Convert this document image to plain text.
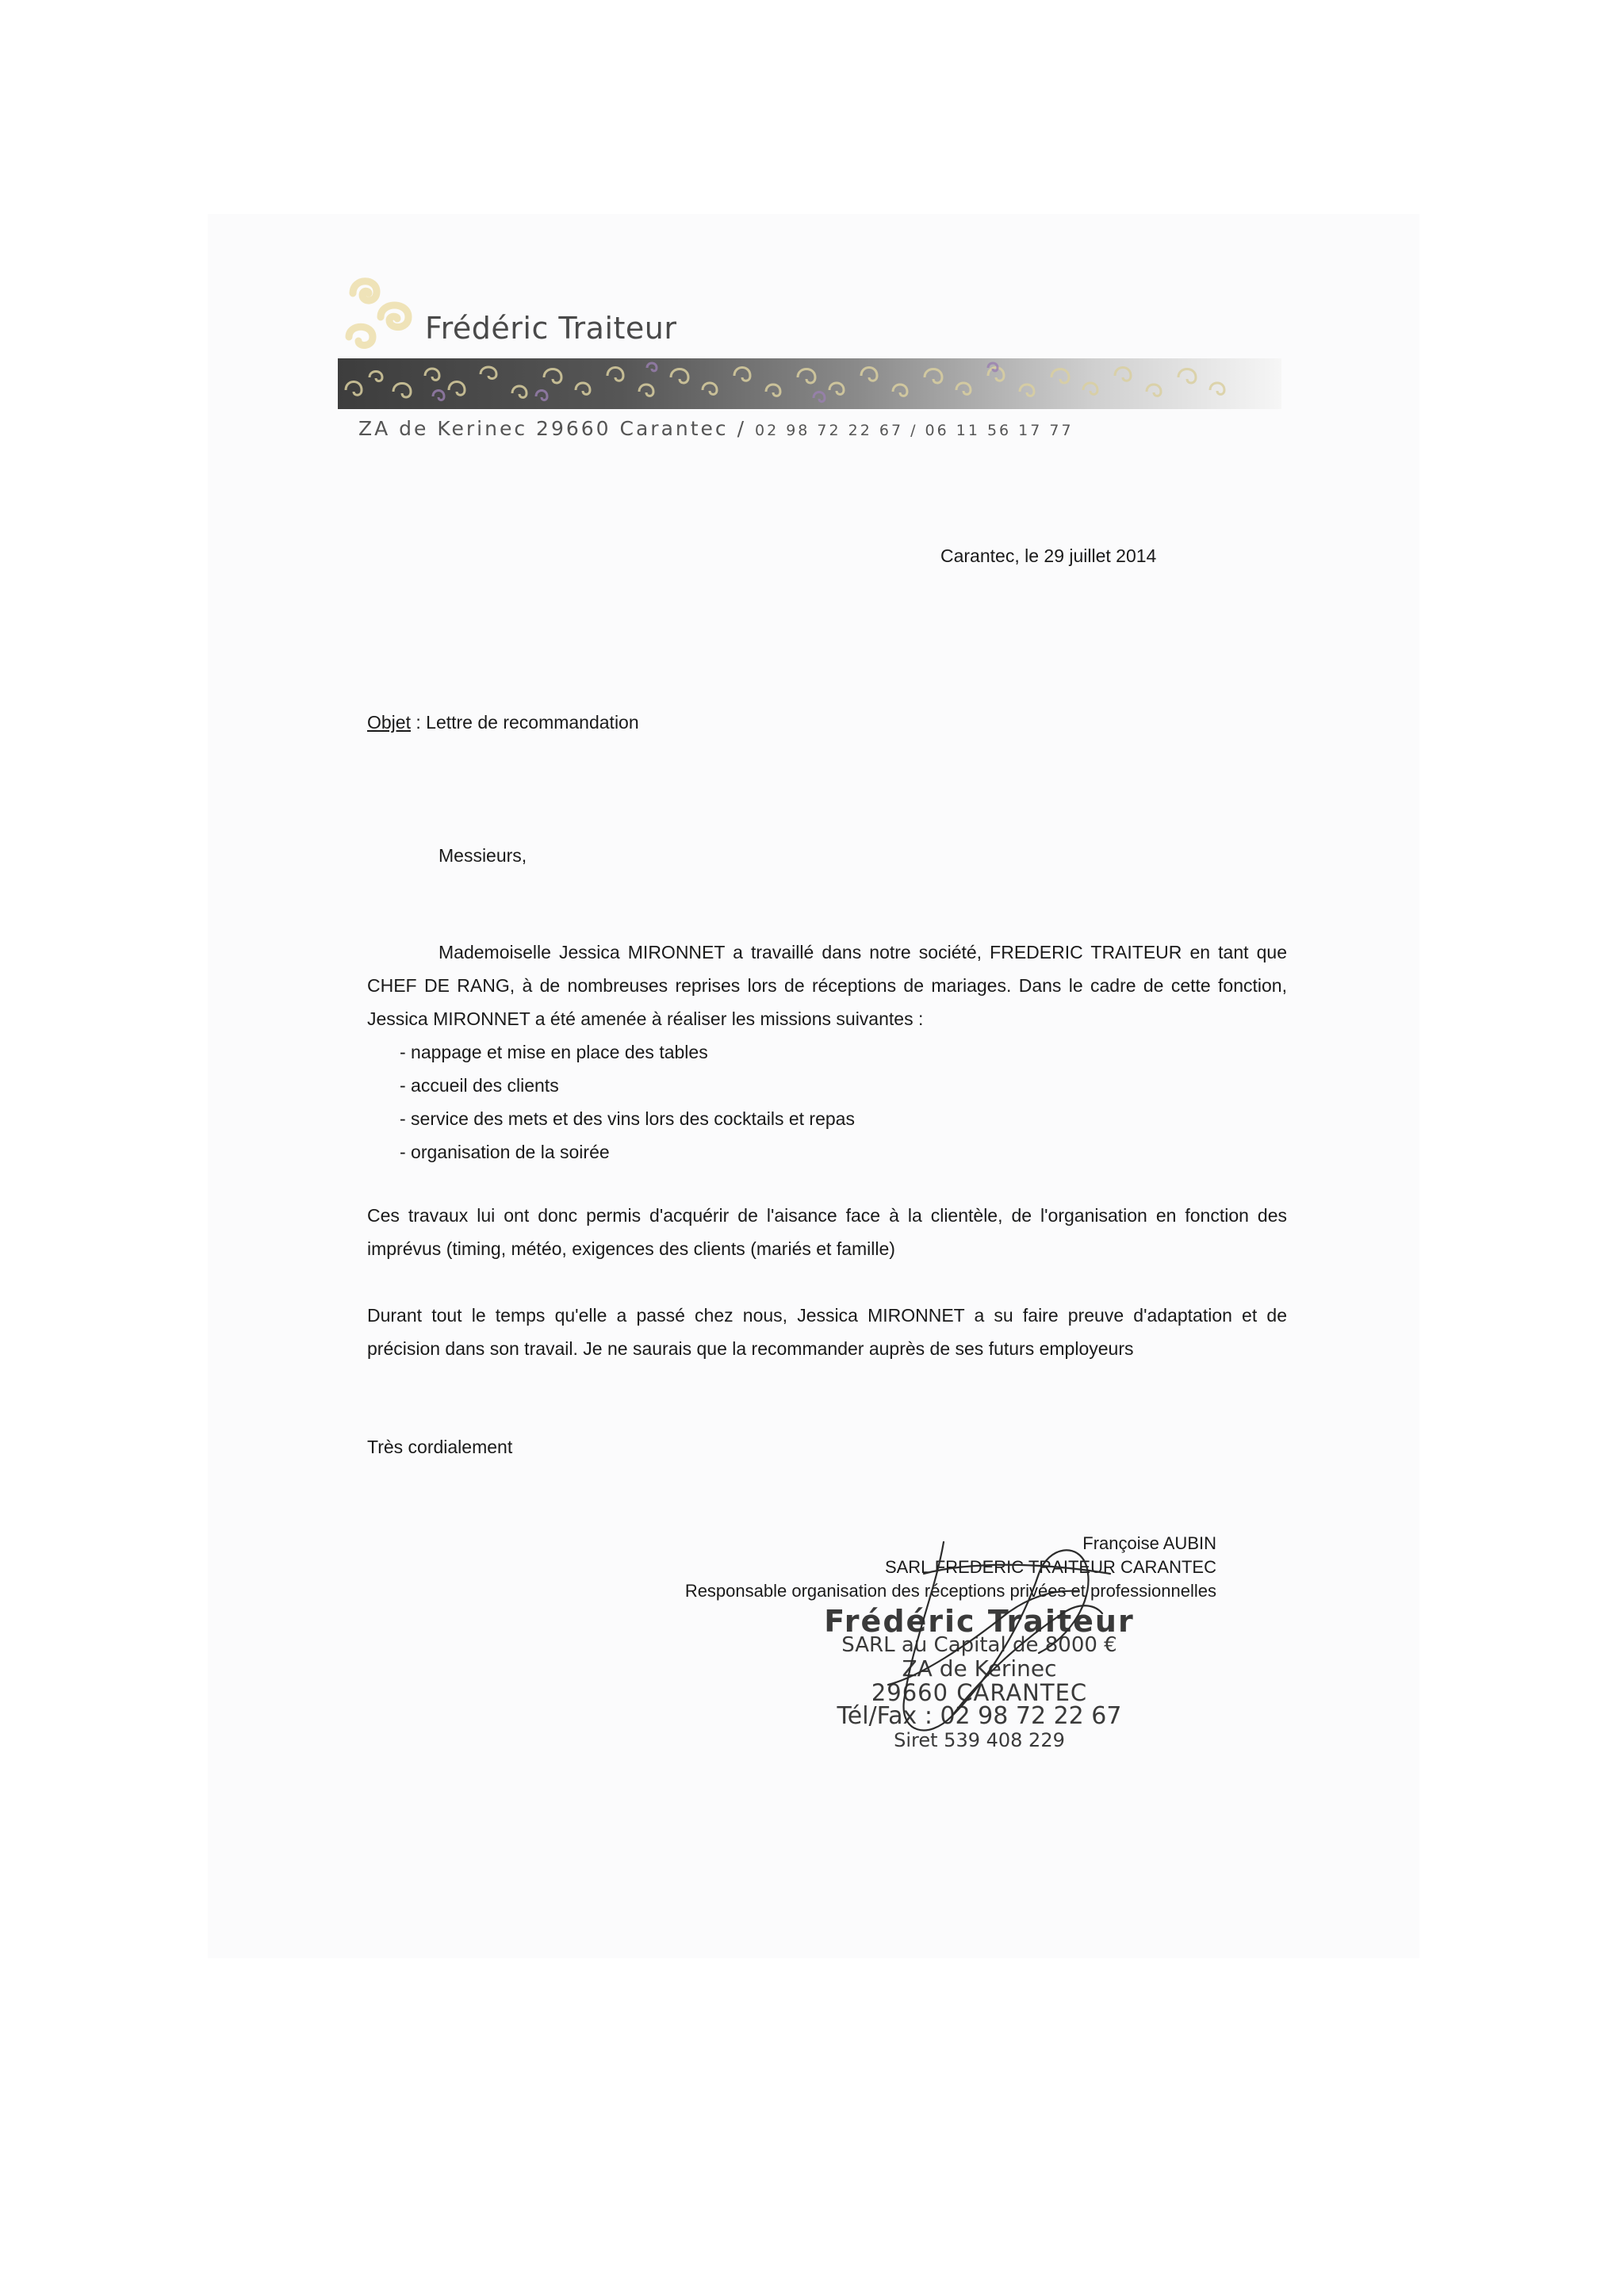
Frédéric Traiteur
ZA de Kerinec 29660 Carantec / 02 98 72 22 67 / 06 11 56 17 77
Carantec, le 29 juillet 2014
Objet : Lettre de recommandation
Messieurs,
Mademoiselle Jessica MIRONNET a travaillé dans notre société, FREDERIC TRAITEUR en tant que
CHEF DE RANG, à de nombreuses reprises lors de réceptions de mariages. Dans le cadre de cette fonction,
Jessica MIRONNET a été amenée à réaliser les missions suivantes :
- nappage et mise en place des tables
- accueil des clients
- service des mets et des vins lors des cocktails et repas
- organisation de la soirée
Ces travaux lui ont donc permis d'acquérir de l'aisance face à la clientèle, de l'organisation en fonction des
imprévus (timing, météo, exigences des clients (mariés et famille)
Durant tout le temps qu'elle a passé chez nous, Jessica MIRONNET a su faire preuve d'adaptation et de
précision dans son travail. Je ne saurais que la recommander auprès de ses futurs employeurs
Très cordialement
Françoise AUBIN
SARL FREDERIC TRAITEUR CARANTEC
Responsable organisation des réceptions privées et professionnelles
Frédéric Traiteur
SARL au Capital de 8000 €
ZA de Kerinec
29660 CARANTEC
Tél/Fax : 02 98 72 22 67
Siret 539 408 229
